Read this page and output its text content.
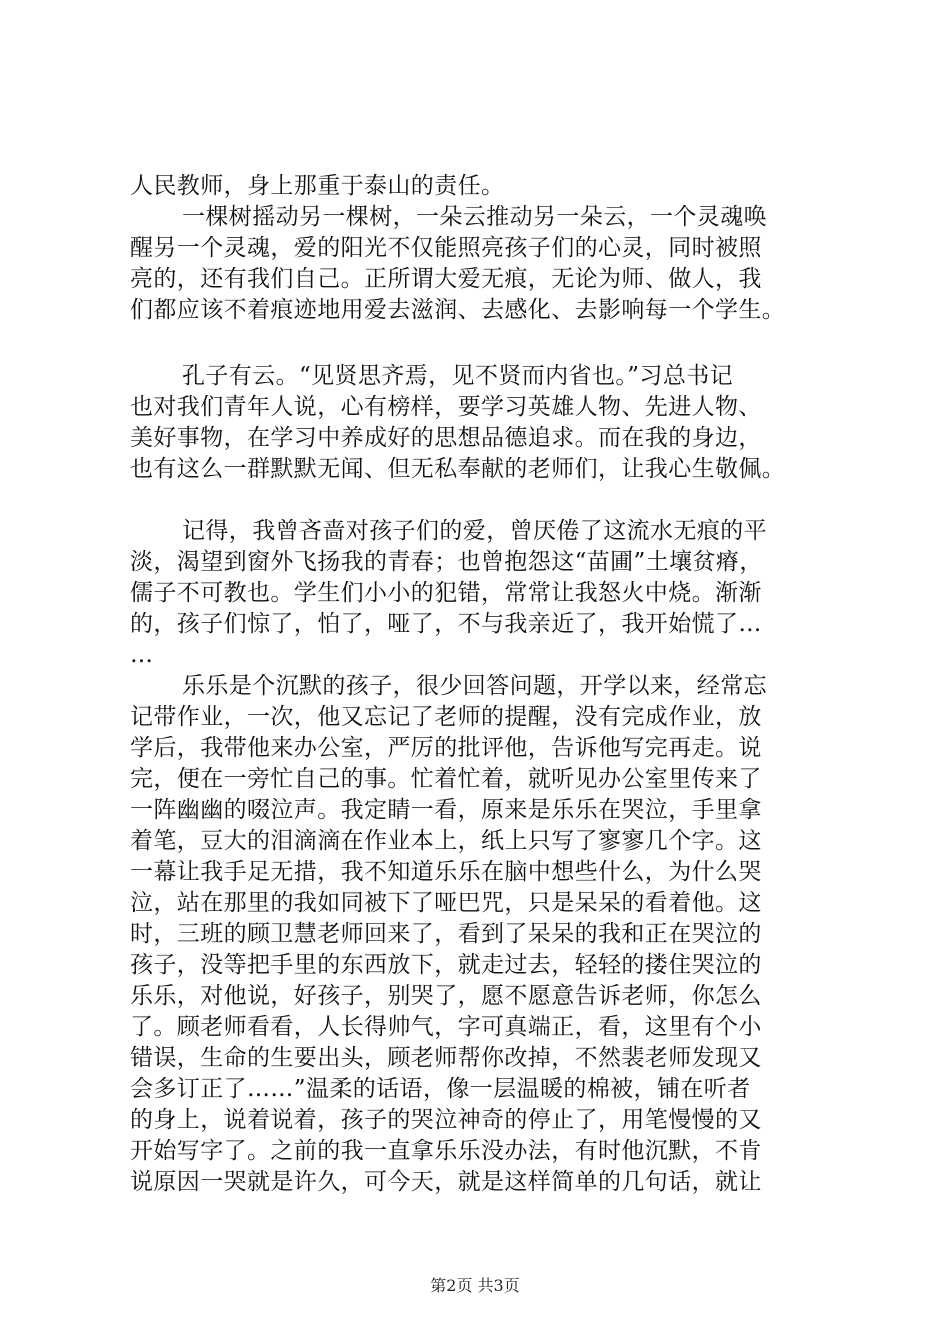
人民教师，身上那重于泰山的责任。
一棵树摇动另一棵树，一朵云推动另一朵云，一个灵魂唤
醒另一个灵魂，爱的阳光不仅能照亮孩子们的心灵，同时被照
亮的，还有我们自己。正所谓大爱无痕，无论为师、做人，我
们都应该不着痕迹地用爱去滋润、去感化、去影响每一个学生。
孔子有云。“见贤思齐焉，见不贤而内省也。”习总书记
也对我们青年人说，心有榜样，要学习英雄人物、先进人物、
美好事物，在学习中养成好的思想品德追求。而在我的身边，
也有这么一群默默无闻、但无私奉献的老师们，让我心生敬佩。
记得，我曾吝啬对孩子们的爱，曾厌倦了这流水无痕的平
淡，渴望到窗外飞扬我的青春；也曾抱怨这“苗圃”土壤贫瘠，
儒子不可教也。学生们小小的犯错，常常让我怒火中烧。渐渐
的，孩子们惊了，怕了，哑了，不与我亲近了，我开始慌了…
…
乐乐是个沉默的孩子，很少回答问题，开学以来，经常忘
记带作业，一次，他又忘记了老师的提醒，没有完成作业，放
学后，我带他来办公室，严厉的批评他，告诉他写完再走。说
完，便在一旁忙自己的事。忙着忙着，就听见办公室里传来了
一阵幽幽的啜泣声。我定睛一看，原来是乐乐在哭泣，手里拿
着笔，豆大的泪滴滴在作业本上，纸上只写了寥寥几个字。这
一幕让我手足无措，我不知道乐乐在脑中想些什么，为什么哭
泣，站在那里的我如同被下了哑巴咒，只是呆呆的看着他。这
时，三班的顾卫慧老师回来了，看到了呆呆的我和正在哭泣的
孩子，没等把手里的东西放下，就走过去，轻轻的搂住哭泣的
乐乐，对他说，好孩子，别哭了，愿不愿意告诉老师，你怎么
了。顾老师看看，人长得帅气，字可真端正，看，这里有个小
错误，生命的生要出头，顾老师帮你改掉，不然裴老师发现又
会多订正了……”温柔的话语，像一层温暖的棉被，铺在听者
的身上，说着说着，孩子的哭泣神奇的停止了，用笔慢慢的又
开始写字了。之前的我一直拿乐乐没办法，有时他沉默，不肯
说原因一哭就是许久，可今天，就是这样简单的几句话，就让
第2页 共3页
